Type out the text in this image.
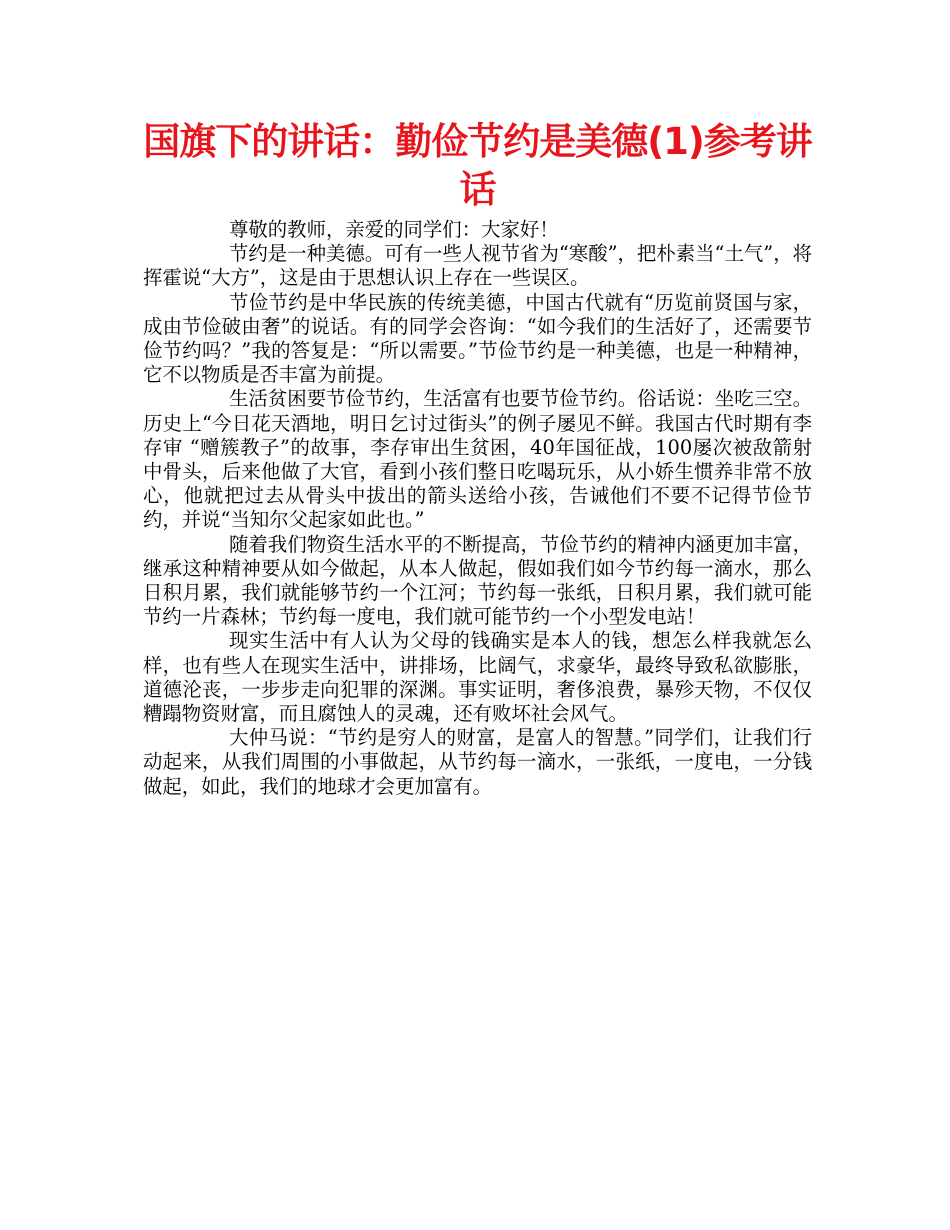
国旗下的讲话：勤俭节约是美德(1)参考讲话

尊敬的教师，亲爱的同学们：大家好！

节约是一种美德。可有一些人视节省为“寒酸”，把朴素当“土气”，将挥霍说“大方”，这是由于思想认识上存在一些误区。

节俭节约是中华民族的传统美德，中国古代就有“历览前贤国与家，成由节俭破由奢”的说话。有的同学会咨询：“如今我们的生活好了，还需要节俭节约吗？”我的答复是：“所以需要。”节俭节约是一种美德，也是一种精神，它不以物质是否丰富为前提。

生活贫困要节俭节约，生活富有也要节俭节约。俗话说：坐吃三空。历史上“今日花天酒地，明日乞讨过街头”的例子屡见不鲜。我国古代时期有李存审 “赠簇教子”的故事，李存审出生贫困，40年国征战，100屡次被敌箭射中骨头，后来他做了大官，看到小孩们整日吃喝玩乐，从小娇生惯养非常不放心，他就把过去从骨头中拔出的箭头送给小孩，告诫他们不要不记得节俭节约，并说“当知尔父起家如此也。”

随着我们物资生活水平的不断提高，节俭节约的精神内涵更加丰富，继承这种精神要从如今做起，从本人做起，假如我们如今节约每一滴水，那么日积月累，我们就能够节约一个江河；节约每一张纸，日积月累，我们就可能节约一片森林；节约每一度电，我们就可能节约一个小型发电站！

现实生活中有人认为父母的钱确实是本人的钱，想怎么样我就怎么样，也有些人在现实生活中，讲排场，比阔气，求豪华，最终导致私欲膨胀，道德沦丧，一步步走向犯罪的深渊。事实证明，奢侈浪费，暴殄天物，不仅仅糟蹋物资财富，而且腐蚀人的灵魂，还有败坏社会风气。

大仲马说：“节约是穷人的财富，是富人的智慧。”同学们，让我们行动起来，从我们周围的小事做起，从节约每一滴水，一张纸，一度电，一分钱做起，如此，我们的地球才会更加富有。
